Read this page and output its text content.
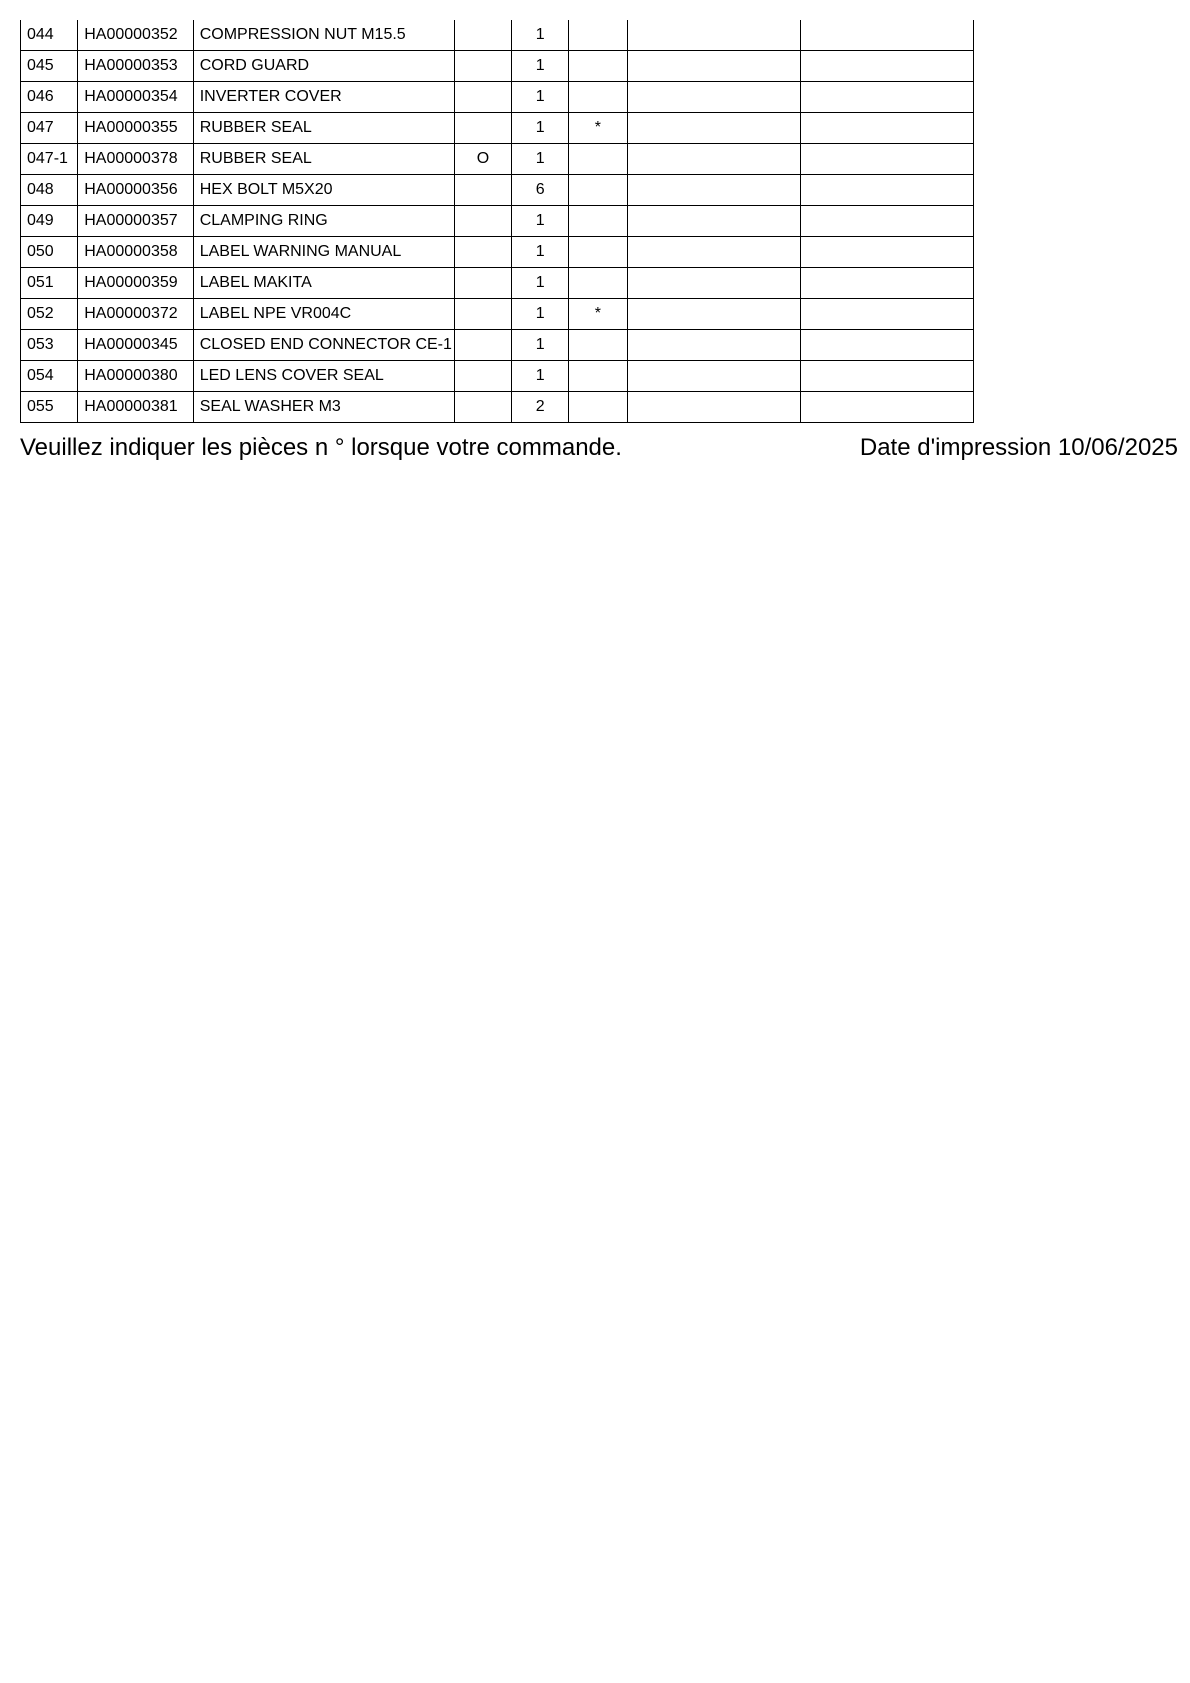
044	HA00000352	COMPRESSION NUT M15.5		1			
045	HA00000353	CORD GUARD		1			
046	HA00000354	INVERTER COVER		1			
047	HA00000355	RUBBER SEAL		1	*		
047-1	HA00000378	RUBBER SEAL	O	1			
048	HA00000356	HEX BOLT M5X20		6			
049	HA00000357	CLAMPING RING		1			
050	HA00000358	LABEL WARNING MANUAL		1			
051	HA00000359	LABEL MAKITA		1			
052	HA00000372	LABEL NPE VR004C		1	*		
053	HA00000345	CLOSED END CONNECTOR CE-1		1			
054	HA00000380	LED LENS COVER SEAL		1			
055	HA00000381	SEAL WASHER M3		2			
Veuillez indiquer les pièces n ° lorsque votre commande.	Date d'impression 10/06/2025
